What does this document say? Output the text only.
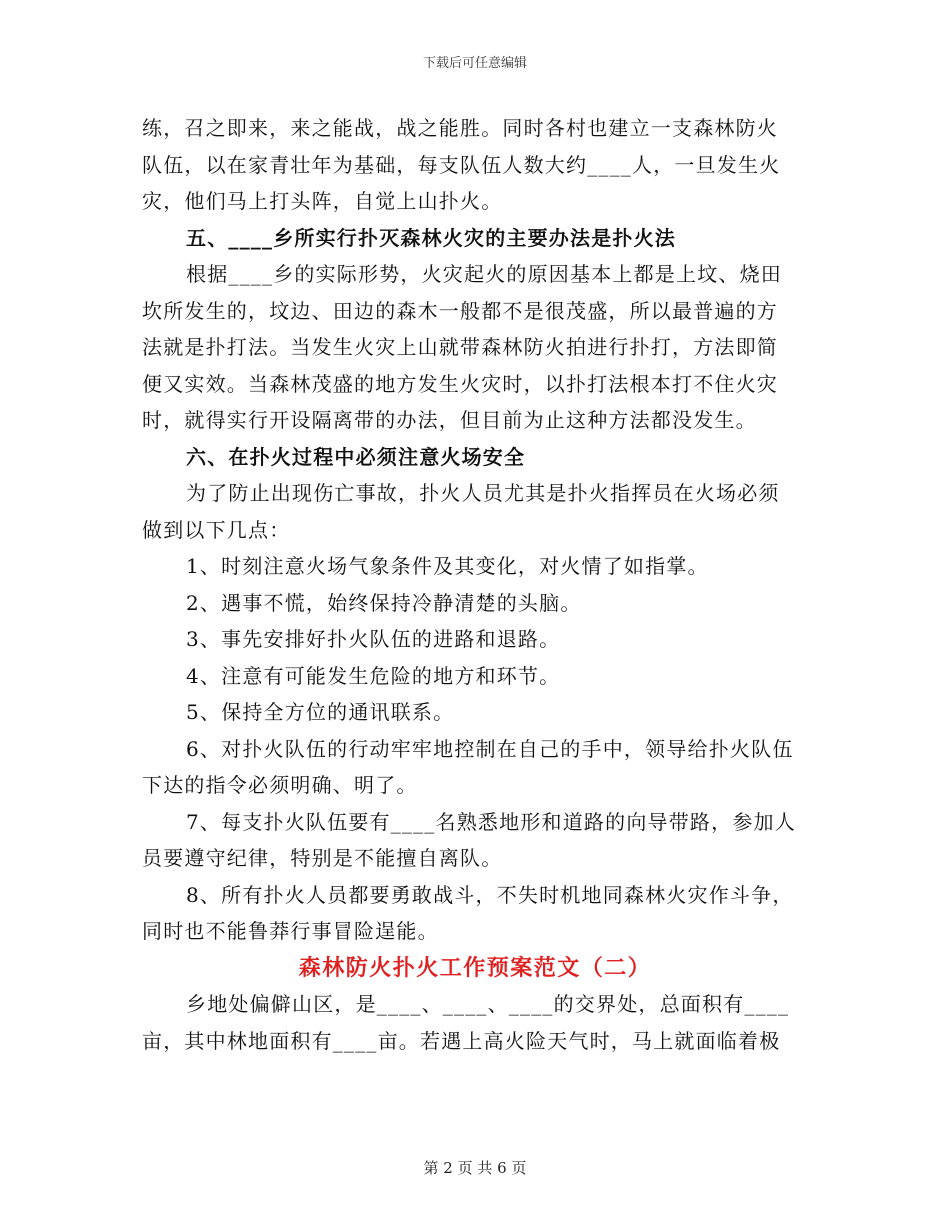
下载后可任意编辑
练，召之即来，来之能战，战之能胜。同时各村也建立一支森林防火
队伍，以在家青壮年为基础，每支队伍人数大约____人，一旦发生火
灾，他们马上打头阵，自觉上山扑火。
五、____乡所实行扑灭森林火灾的主要办法是扑火法
根据____乡的实际形势，火灾起火的原因基本上都是上坟、烧田
坎所发生的，坟边、田边的森木一般都不是很茂盛，所以最普遍的方
法就是扑打法。当发生火灾上山就带森林防火拍进行扑打，方法即简
便又实效。当森林茂盛的地方发生火灾时，以扑打法根本打不住火灾
时，就得实行开设隔离带的办法，但目前为止这种方法都没发生。
六、在扑火过程中必须注意火场安全
为了防止出现伤亡事故，扑火人员尤其是扑火指挥员在火场必须
做到以下几点：
1、时刻注意火场气象条件及其变化，对火情了如指掌。
2、遇事不慌，始终保持冷静清楚的头脑。
3、事先安排好扑火队伍的进路和退路。
4、注意有可能发生危险的地方和环节。
5、保持全方位的通讯联系。
6、对扑火队伍的行动牢牢地控制在自己的手中，领导给扑火队伍
下达的指令必须明确、明了。
7、每支扑火队伍要有____名熟悉地形和道路的向导带路，参加人
员要遵守纪律，特别是不能擅自离队。
8、所有扑火人员都要勇敢战斗，不失时机地同森林火灾作斗争，
同时也不能鲁莽行事冒险逞能。
森林防火扑火工作预案范文（二）
乡地处偏僻山区，是____、____、____的交界处，总面积有____
亩，其中林地面积有____亩。若遇上高火险天气时，马上就面临着极
第 2 页 共 6 页
